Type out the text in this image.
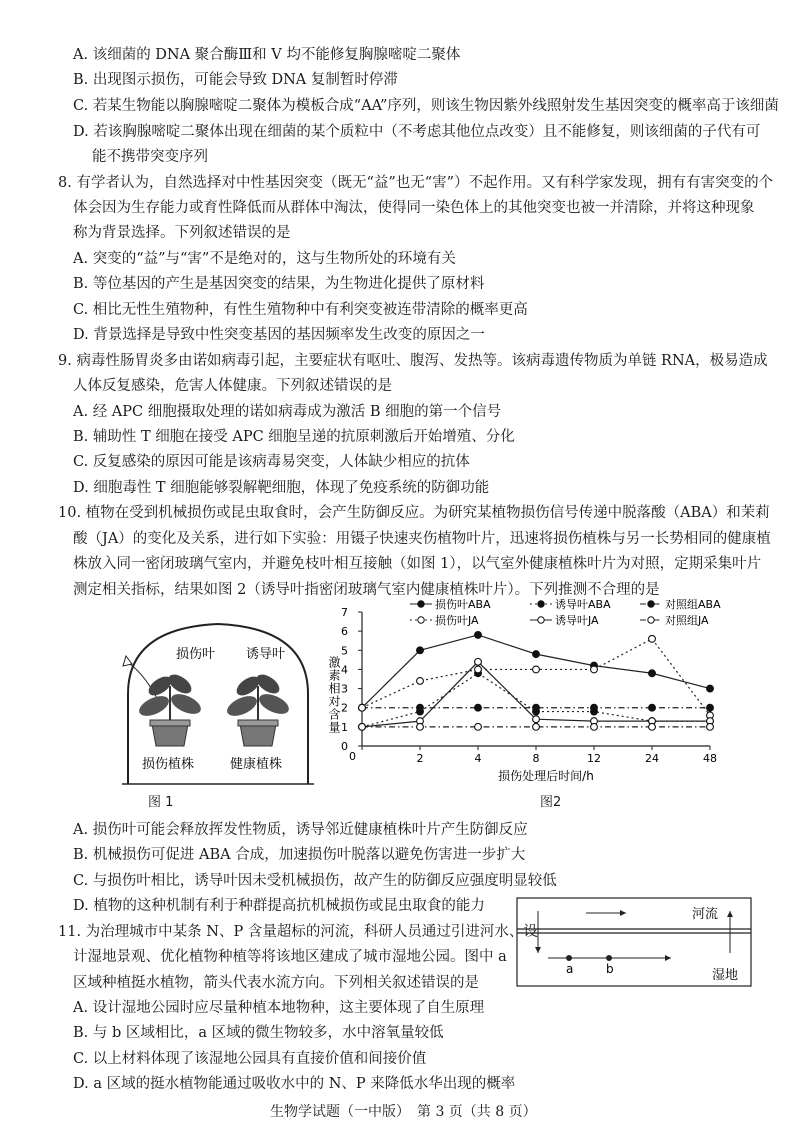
A. 该细菌的 DNA 聚合酶Ⅲ和 V 均不能修复胸腺嘧啶二聚体
B. 出现图示损伤，可能会导致 DNA 复制暂时停滞
C. 若某生物能以胸腺嘧啶二聚体为模板合成“AA”序列，则该生物因紫外线照射发生基因突变的概率高于该细菌
D. 若该胸腺嘧啶二聚体出现在细菌的某个质粒中（不考虑其他位点改变）且不能修复，则该细菌的子代有可
能不携带突变序列
8. 有学者认为，自然选择对中性基因突变（既无“益”也无“害”）不起作用。又有科学家发现，拥有有害突变的个
体会因为生存能力或育性降低而从群体中淘汰，使得同一染色体上的其他突变也被一并清除，并将这种现象
称为背景选择。下列叙述错误的是
A. 突变的“益”与“害”不是绝对的，这与生物所处的环境有关
B. 等位基因的产生是基因突变的结果，为生物进化提供了原材料
C. 相比无性生殖物种，有性生殖物种中有利突变被连带清除的概率更高
D. 背景选择是导致中性突变基因的基因频率发生改变的原因之一
9. 病毒性肠胃炎多由诺如病毒引起，主要症状有呕吐、腹泻、发热等。该病毒遗传物质为单链 RNA，极易造成
人体反复感染，危害人体健康。下列叙述错误的是
A. 经 APC 细胞摄取处理的诺如病毒成为激活 B 细胞的第一个信号
B. 辅助性 T 细胞在接受 APC 细胞呈递的抗原刺激后开始增殖、分化
C. 反复感染的原因可能是该病毒易突变，人体缺少相应的抗体
D. 细胞毒性 T 细胞能够裂解靶细胞，体现了免疫系统的防御功能
10. 植物在受到机械损伤或昆虫取食时，会产生防御反应。为研究某植物损伤信号传递中脱落酸（ABA）和茉莉
酸（JA）的变化及关系，进行如下实验：用镊子快速夹伤植物叶片，迅速将损伤植株与另一长势相同的健康植
株放入同一密闭玻璃气室内，并避免枝叶相互接触（如图 1），以气室外健康植株叶片为对照，定期采集叶片
测定相关指标，结果如图 2（诱导叶指密闭玻璃气室内健康植株叶片）。下列推测不合理的是
损伤叶 诱导叶
损伤植株	健康植株
图 1
0
1
2
3
4
5
6
7
2	4	8	12	24	48
0
损伤处理后时间/h
激素相对含量
损伤叶ABA	诱导叶ABA	对照组ABA
损伤叶JA	诱导叶JA	对照组JA
图2
A. 损伤叶可能会释放挥发性物质，诱导邻近健康植株叶片产生防御反应
B. 机械损伤可促进 ABA 合成，加速损伤叶脱落以避免伤害进一步扩大
C. 与损伤叶相比，诱导叶因未受机械损伤，故产生的防御反应强度明显较低
D. 植物的这种机制有利于种群提高抗机械损伤或昆虫取食的能力
11. 为治理城市中某条 N、P 含量超标的河流，科研人员通过引进河水、设
计湿地景观、优化植物种植等将该地区建成了城市湿地公园。图中 a
区域种植挺水植物，箭头代表水流方向。下列相关叙述错误的是
A. 设计湿地公园时应尽量种植本地物种，这主要体现了自生原理
B. 与 b 区域相比，a 区域的微生物较多，水中溶氧量较低
C. 以上材料体现了该湿地公园具有直接价值和间接价值
D. a 区域的挺水植物能通过吸收水中的 N、P 来降低水华出现的概率
河流
a	b	湿地
生物学试题（一中版）　第 3 页（共 8 页）
